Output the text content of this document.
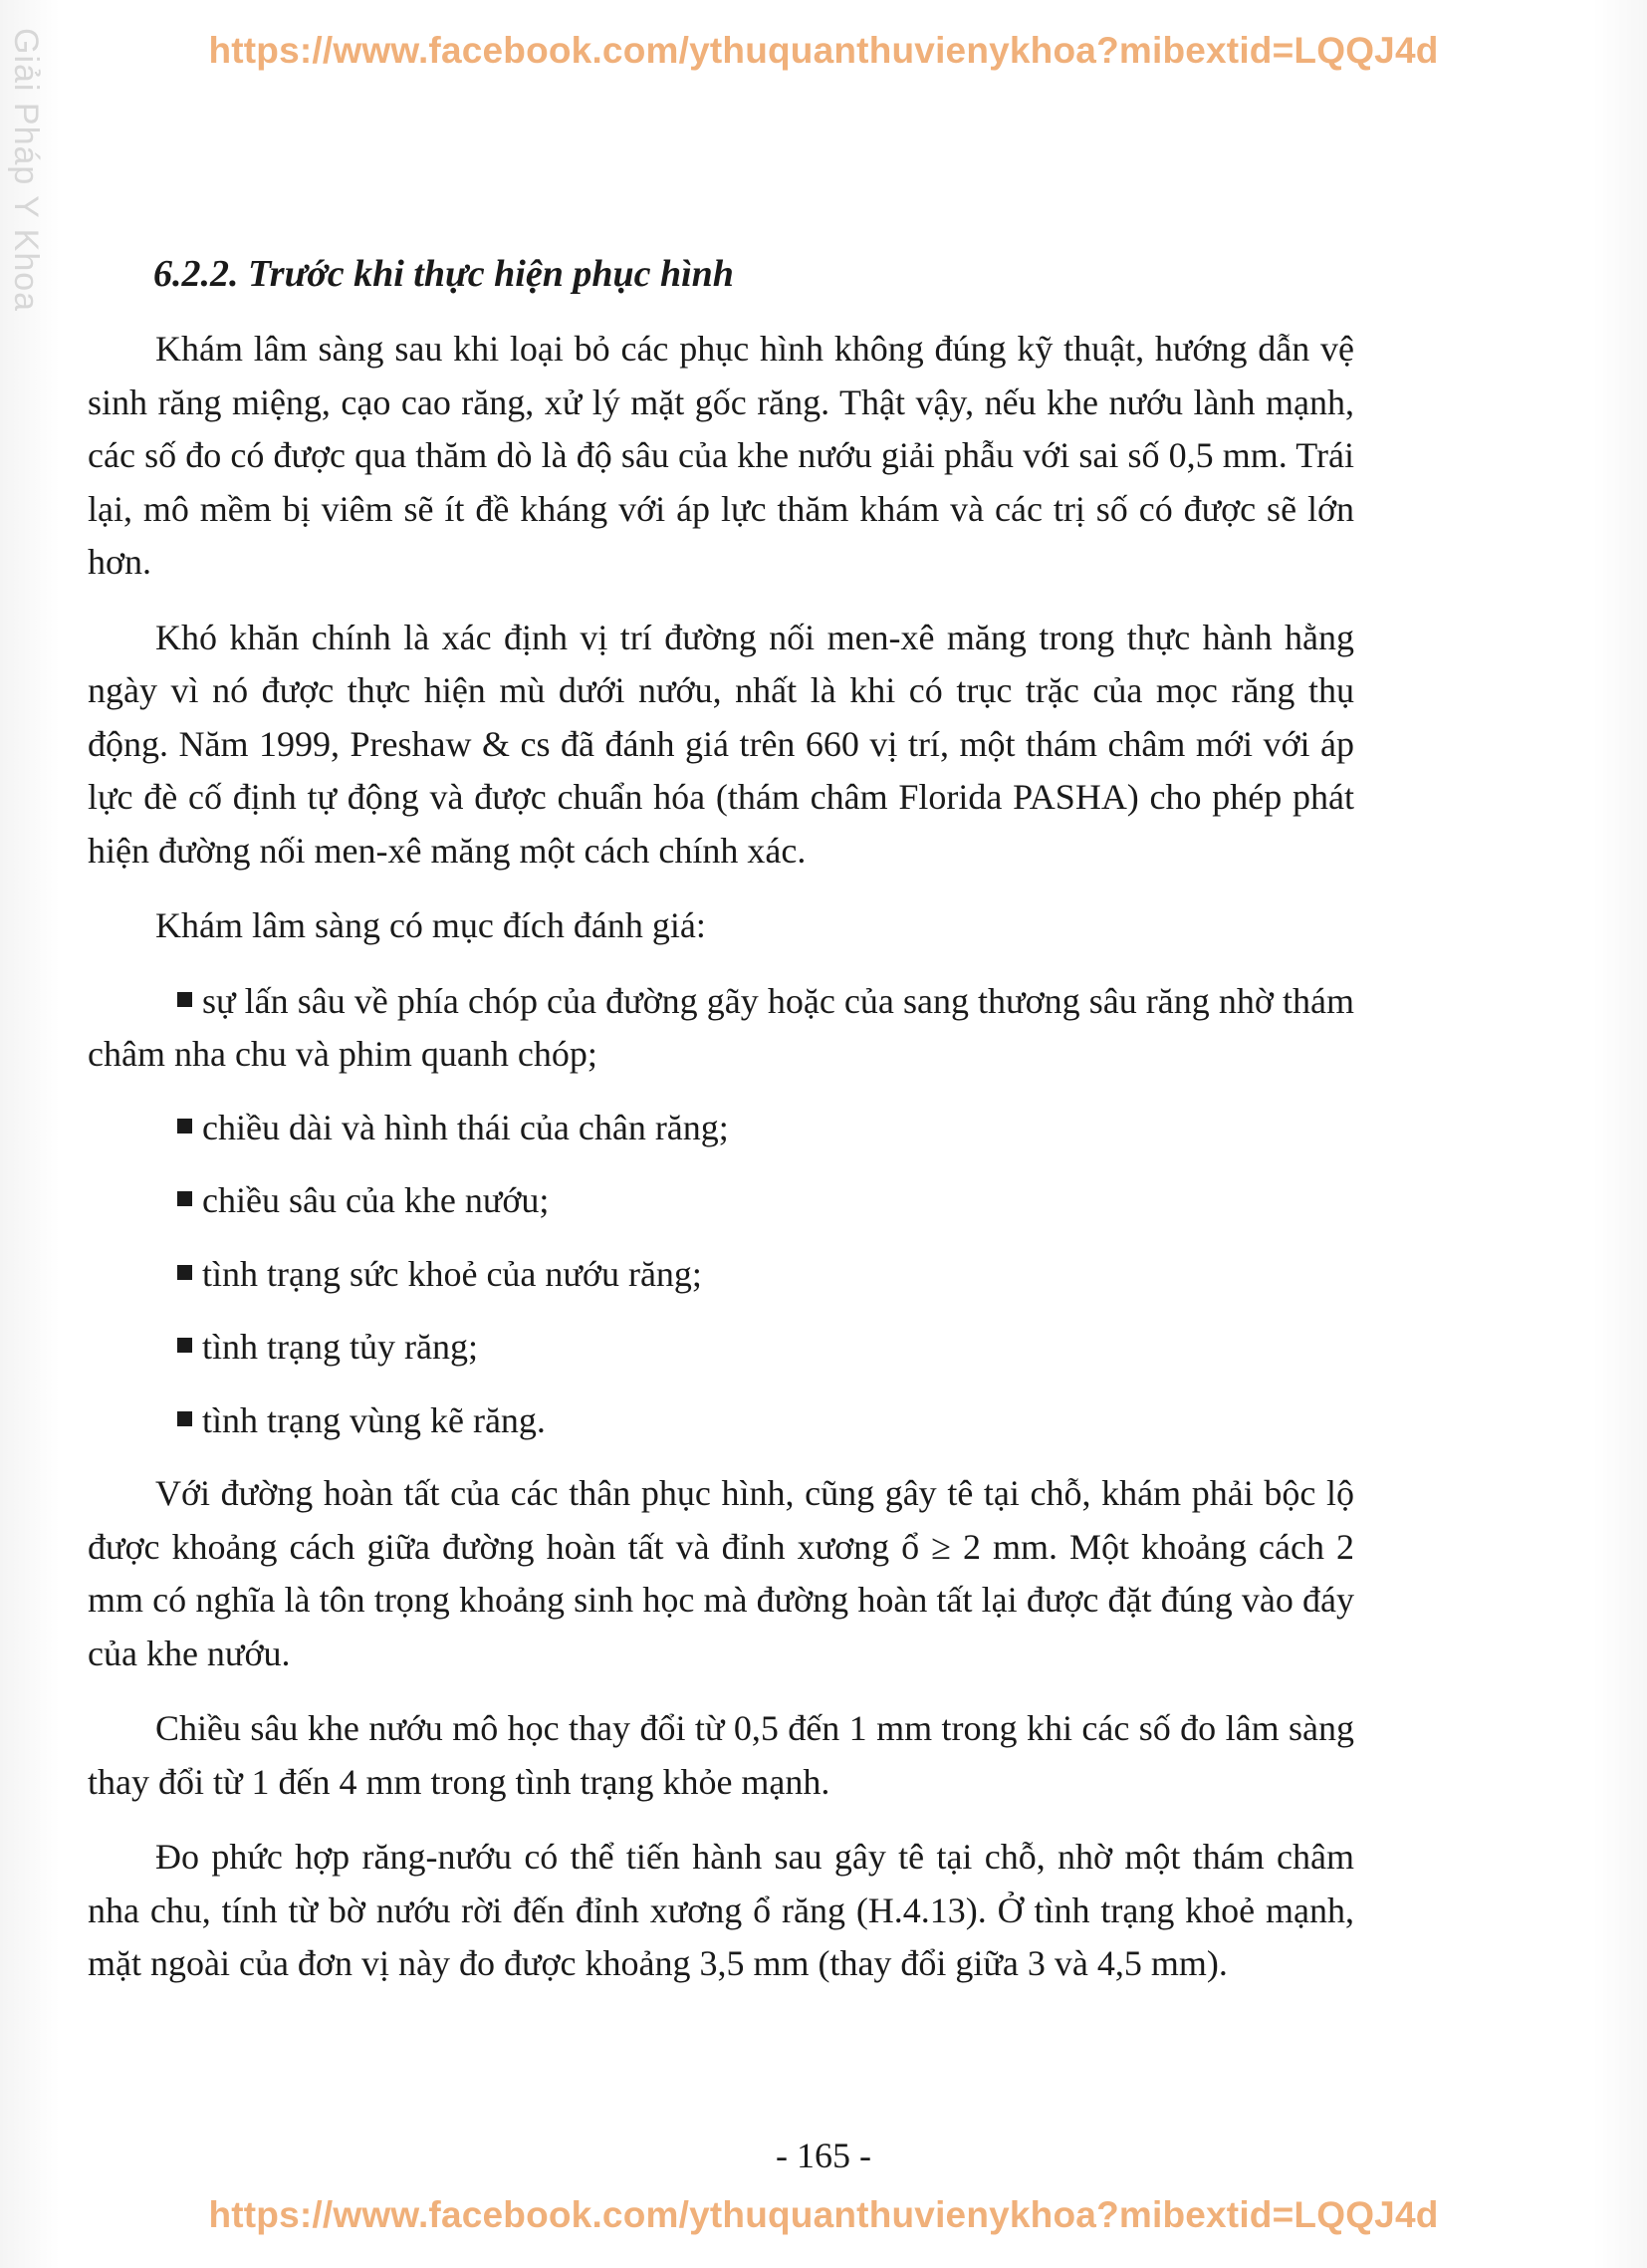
https://www.facebook.com/ythuquanthuvienykhoa?mibextid=LQQJ4d
Giải Pháp Y Khoa	6.2.2. Trước khi thực hiện phục hình

Khám lâm sàng sau khi loại bỏ các phục hình không đúng kỹ thuật, hướng dẫn vệ sinh răng miệng, cạo cao răng, xử lý mặt gốc răng. Thật vậy, nếu khe nướu lành mạnh, các số đo có được qua thăm dò là độ sâu của khe nướu giải phẫu với sai số 0,5 mm. Trái lại, mô mềm bị viêm sẽ ít đề kháng với áp lực thăm khám và các trị số có được sẽ lớn hơn.

Khó khăn chính là xác định vị trí đường nối men-xê măng trong thực hành hằng ngày vì nó được thực hiện mù dưới nướu, nhất là khi có trục trặc của mọc răng thụ động. Năm 1999, Preshaw & cs đã đánh giá trên 660 vị trí, một thám châm mới với áp lực đè cố định tự động và được chuẩn hóa (thám châm Florida PASHA) cho phép phát hiện đường nối men-xê măng một cách chính xác.

Khám lâm sàng có mục đích đánh giá:

sự lấn sâu về phía chóp của đường gãy hoặc của sang thương sâu răng nhờ thám châm nha chu và phim quanh chóp;
chiều dài và hình thái của chân răng;
chiều sâu của khe nướu;
tình trạng sức khoẻ của nướu răng;
tình trạng tủy răng;
tình trạng vùng kẽ răng.

Với đường hoàn tất của các thân phục hình, cũng gây tê tại chỗ, khám phải bộc lộ được khoảng cách giữa đường hoàn tất và đỉnh xương ổ ≥ 2 mm. Một khoảng cách 2 mm có nghĩa là tôn trọng khoảng sinh học mà đường hoàn tất lại được đặt đúng vào đáy của khe nướu.

Chiều sâu khe nướu mô học thay đổi từ 0,5 đến 1 mm trong khi các số đo lâm sàng thay đổi từ 1 đến 4 mm trong tình trạng khỏe mạnh.

Đo phức hợp răng-nướu có thể tiến hành sau gây tê tại chỗ, nhờ một thám châm nha chu, tính từ bờ nướu rời đến đỉnh xương ổ răng (H.4.13). Ở tình trạng khoẻ mạnh, mặt ngoài của đơn vị này đo được khoảng 3,5 mm (thay đổi giữa 3 và 4,5 mm).

- 165 -
https://www.facebook.com/ythuquanthuvienykhoa?mibextid=LQQJ4d
